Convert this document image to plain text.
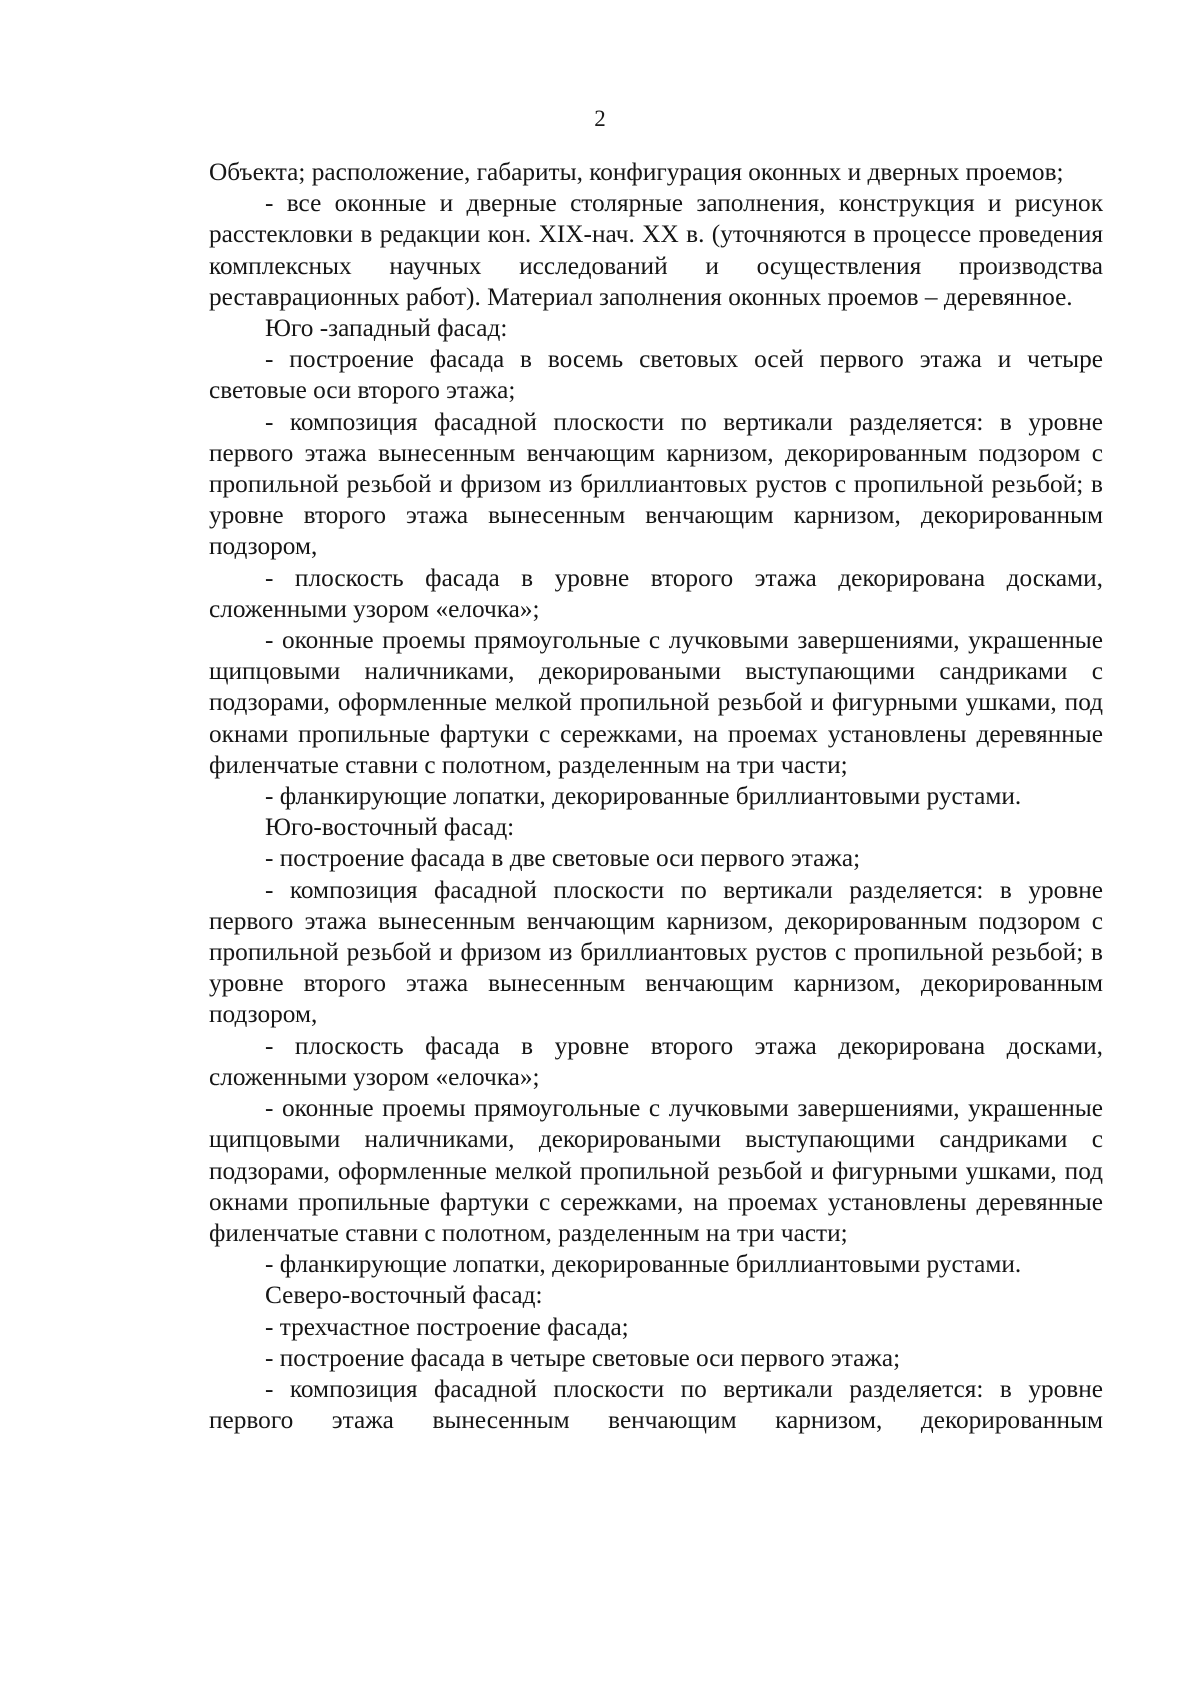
2

Объекта; расположение, габариты, конфигурация оконных и дверных проемов;

- все оконные и дверные столярные заполнения, конструкция и рисунок расстекловки в редакции кон. XIX-нач. XX в. (уточняются в процессе проведения комплексных научных исследований и осуществления производства реставрационных работ). Материал заполнения оконных проемов – деревянное.

Юго -западный фасад:

- построение фасада в восемь световых осей первого этажа и четыре световые оси второго этажа;

- композиция фасадной плоскости по вертикали разделяется: в уровне первого этажа вынесенным венчающим карнизом, декорированным подзором с пропильной резьбой и фризом из бриллиантовых рустов с пропильной резьбой; в уровне второго этажа вынесенным венчающим карнизом, декорированным подзором,

- плоскость фасада в уровне второго этажа декорирована досками, сложенными узором «елочка»;

- оконные проемы прямоугольные с лучковыми завершениями, украшенные щипцовыми наличниками, декорироваными выступающими сандриками с подзорами, оформленные мелкой пропильной резьбой и фигурными ушками, под окнами пропильные фартуки с сережками, на проемах установлены деревянные филенчатые ставни с полотном, разделенным на три части;

- фланкирующие лопатки, декорированные бриллиантовыми рустами.

Юго-восточный фасад:

- построение фасада в две световые оси первого этажа;

- композиция фасадной плоскости по вертикали разделяется: в уровне первого этажа вынесенным венчающим карнизом, декорированным подзором с пропильной резьбой и фризом из бриллиантовых рустов с пропильной резьбой; в уровне второго этажа вынесенным венчающим карнизом, декорированным подзором,

- плоскость фасада в уровне второго этажа декорирована досками, сложенными узором «елочка»;

- оконные проемы прямоугольные с лучковыми завершениями, украшенные щипцовыми наличниками, декорироваными выступающими сандриками с подзорами, оформленные мелкой пропильной резьбой и фигурными ушками, под окнами пропильные фартуки с сережками, на проемах установлены деревянные филенчатые ставни с полотном, разделенным на три части;

- фланкирующие лопатки, декорированные бриллиантовыми рустами.

Северо-восточный фасад:

- трехчастное построение фасада;

- построение фасада в четыре световые оси первого этажа;

- композиция фасадной плоскости по вертикали разделяется: в уровне первого этажа вынесенным венчающим карнизом, декорированным
